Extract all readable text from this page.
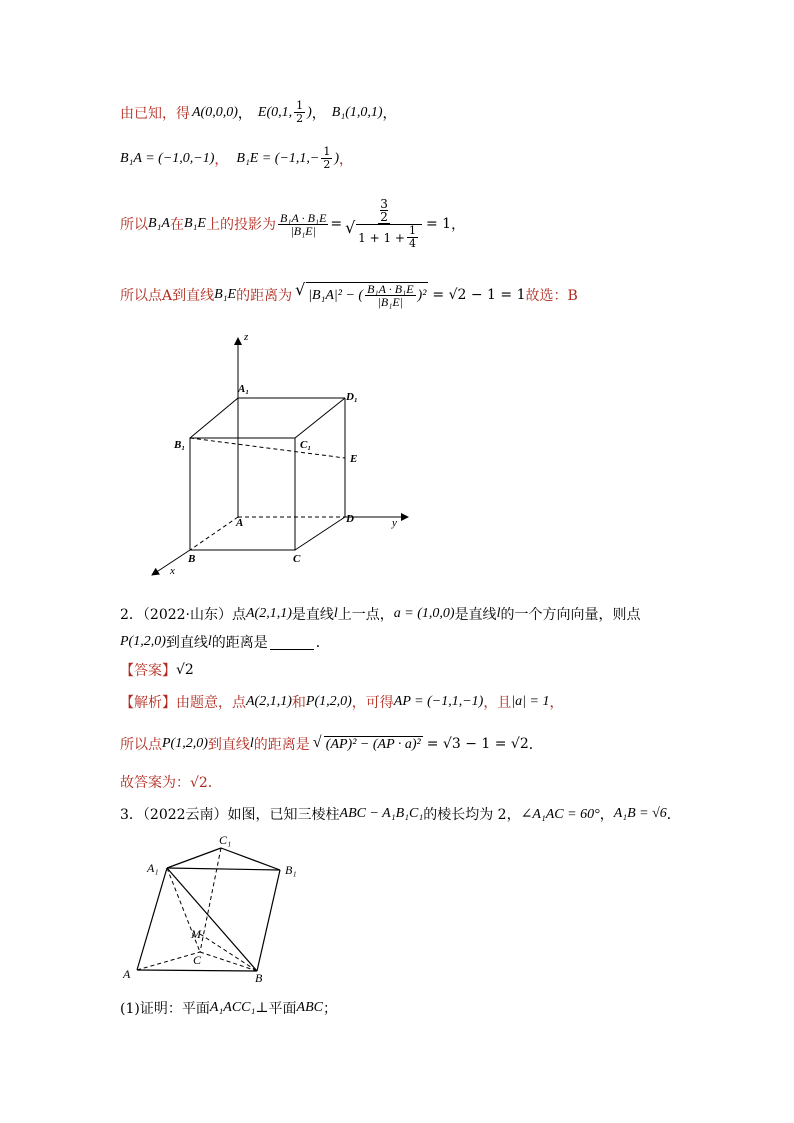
由已知，得 A(0,0,0) ， E(0,1, $\frac{1}{2}$ ) ， B₁(1,0,1) ，
B₁A = (−1,0,−1) ， $B_1E = (-1,1,- \frac{1}{2}$ ) ，
所以 B₁A 在 B₁E 上的投影为 $\frac{\text{B₁A · B₁E}}{\text{|B₁E|}} = 3$
2
√ $1 + 1 + \frac{1}{4} = 1$ ，
所以点A到直线 B₁E 的距离为 √ |B₁A|² − ( $\frac{\text{B₁A · B₁E}}{\text{|B₁E|}} )^2 = √2 - 1 = 1$ 故选：B
z
y
x
A₁
D₁
B₁	C₁
E
A	D
B	C
2．（2022·山东）点 A(2,1,1) 是直线 l 上一点， a = (1,0,0) 是直线 l 的一个方向向量，则点
P(1,2,0) 到直线 l 的距离是	．
【答案】 √2
【解析】 由题意，点 A(2,1,1) 和 P(1,2,0) ，可得 AP = (−1,1,−1) ，且 |a| = 1 ，
所以点 P(1,2,0) 到直线 l 的距离是 √ (AP)² − (AP · a)² = √3 − 1 = √2 ．
故答案为：√2．
3．（2022云南）如图，已知三棱柱 ABC − A₁B₁C₁ 的棱长均为 2， ∠A₁AC = 60° ， A₁B = √6 ．
C₁
A₁	B₁
M
C
A	B
(1)证明：平面 A₁ACC₁ ⊥ 平面 ABC ；
